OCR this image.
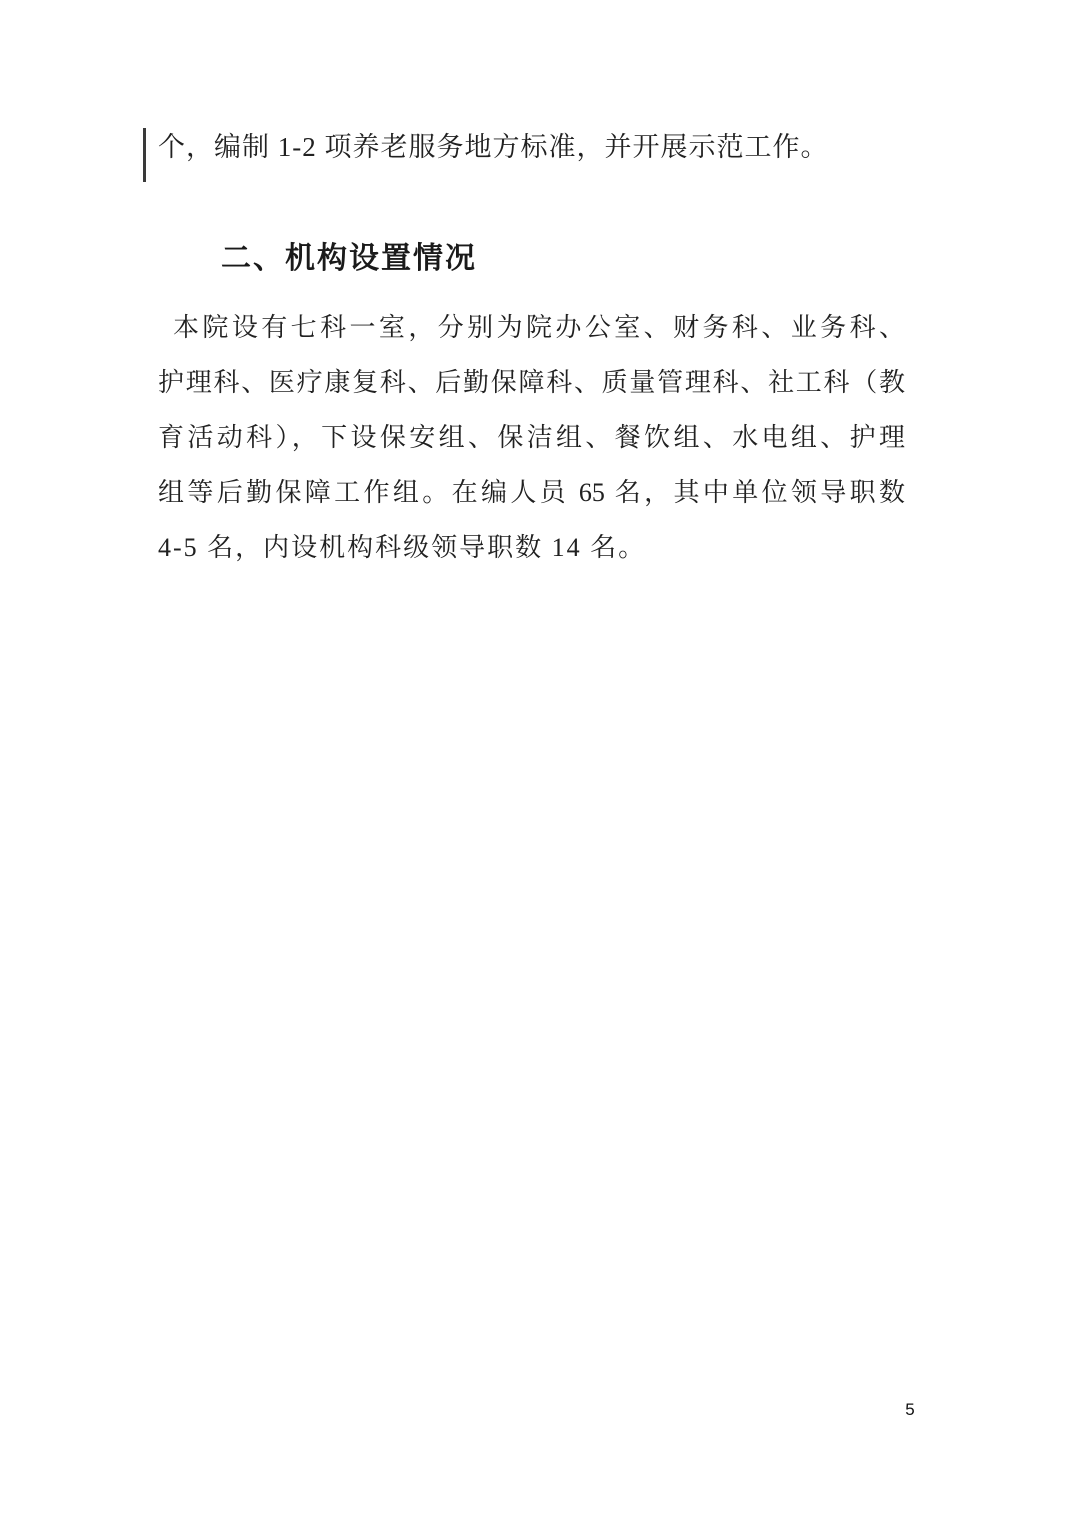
个，编制 1-2 项养老服务地方标准，并开展示范工作。
二、机构设置情况
本院设有七科一室，分别为院办公室、财务科、业务科、
护理科、医疗康复科、后勤保障科、质量管理科、社工科（教
育活动科），下设保安组、保洁组、餐饮组、水电组、护理
组等后勤保障工作组。在编人员 65 名，其中单位领导职数
4-5 名，内设机构科级领导职数 14 名。
5
